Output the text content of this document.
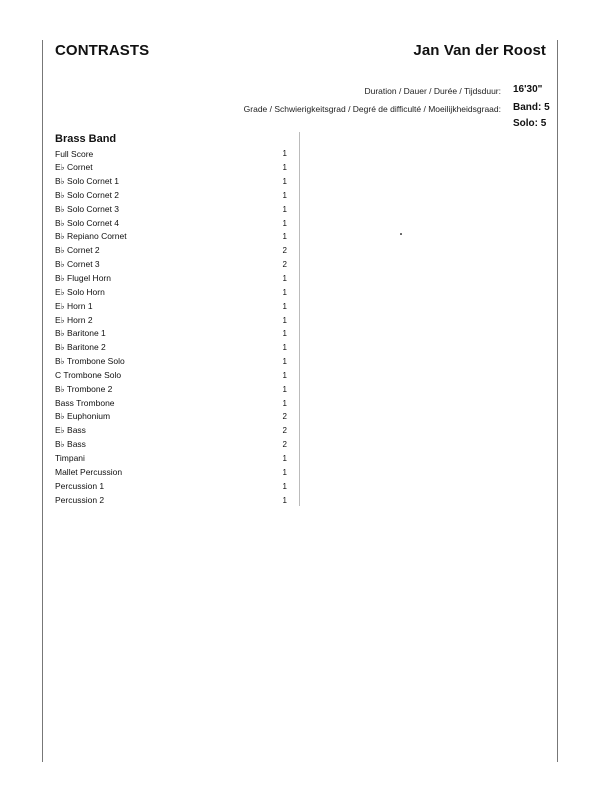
CONTRASTS	Jan Van der Roost
Duration / Dauer / Durée / Tijdsduur: 16'30"
Grade / Schwierigkeitsgrad / Degré de difficulté / Moeilijkheidsgraad: Band: 5
Solo: 5
Brass Band
Full Score	1
E♭ Cornet	1
B♭ Solo Cornet 1	1
B♭ Solo Cornet 2	1
B♭ Solo Cornet 3	1
B♭ Solo Cornet 4	1
B♭ Repiano Cornet	1
B♭ Cornet 2	2
B♭ Cornet 3	2
B♭ Flugel Horn	1
E♭ Solo Horn	1
E♭ Horn 1	1
E♭ Horn 2	1
B♭ Baritone 1	1
B♭ Baritone 2	1
B♭ Trombone Solo	1
C Trombone Solo	1
B♭ Trombone 2	1
Bass Trombone	1
B♭ Euphonium	2
E♭ Bass	2
B♭ Bass	2
Timpani	1
Mallet Percussion	1
Percussion 1	1
Percussion 2	1
